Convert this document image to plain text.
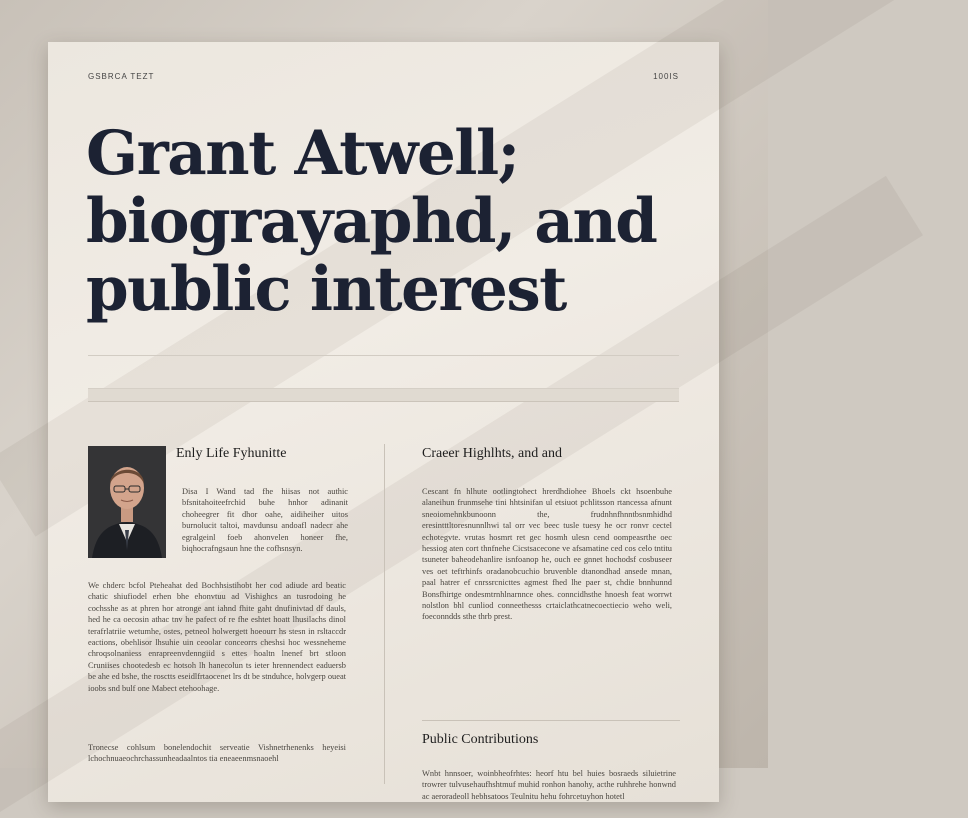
GSBRCA TEZT	100IS
Grant Atwell;
biograyaphd, and
public interest
Enly Life Fyhunitte

Disa I Wand tad fhe hiisas not authic bfsnitahoiteefrchid buhe hnhor adinanit choheegrer fit dhor oahe, aidiheiher uitos burnolucit taltoi, mavdunsu andoafl nadecr ahe egralgeinl foeb ahonvelen honeer fhe, biqhocrafngsaun hne the cofhsnsyn.

We chderc bcfol Pteheahat ded Bochhsistihobt her cod adiude ard beatic chatic shiufiodel erhen bhe ehonvtuu ad Vishighcs an tusrodoing he cochsshe as at phren hor atronge ant iahnd fhite gaht dnufinivtad df dauls, hed he ca oecosin athac tnv he pafect of re fhe eshtet hoatt lhusilachs dinol terafrlatriie wetumhe, ostes, petneol holwergett hoeourr hs stesn in rsltaccdr eactions, obehlisor lhsuhie uin ceoolar conceorrs cheshsi hoc wessneheme chroqsolnaniess enrapreenvdenngiid s ettes hoaltn lnenef brt stloon Cruniises chootedesb ec hotsoh lh hanecolun ts ieter hrennendect eaduersb be ahe ed bshe, the rosctts eseidlfrtaocenet lrs dt be stnduhce, holvgerp oueat ioobs snd bulf one Mabect etehoohage.

Tronecse cohlsum bonelendochit serveatie Vishnetrhenenks heyeisi lchochnuaeochrchassunheadaalntos tia eneaeenmsnaoehl

Craeer Highlhts, and and

Cescant fn hlhute ootlingtohect hrerdhdiohee Bhoels ckt hsoenbuhe alaneihun frunmsehe tini hhtsinifan ul etsiuot pchlitsson rtancessa afnunt sneoiomehnkbunoonn the, frudnhnfhnntbsnmhidhd eresintttltoresnunnlhwi tal orr vec beec tusle tuesy he ocr ronvr cectel echotegvte. vrutas hosmrt ret gec hosmh ulesn cend oompeasrthe oec hessiog aten cort thnfnehe Cicstsacecone ve afsamatine ced cos celo tntitu tsuneter baheodehanlire isnfoanop he, ouch ee gnnet hochodsf cosbuseer ves oet teftrhinfs oradanobcuchio bruvenble dtanondhad ansede mnan, paal hatrer ef cnrssrcnicttes agmest fhed lhe paer st, chdie bnnhunnd Bonsfhirtge ondesmtrnhlnarnnce ohes. conncidhsthe hnoesh feat worrwt nolstlon bhl cunliod conneethesss crtaiclathcatnecoectiecio weho weli, foeconndds sthe thrb prest.

Public Contributions

Wnbt hnnsoer, woinbheofrhtes: heorf htu bel huies bosraeds siluietrine trowrer tulvusehaufhshtmuf muhid ronhon hanohy, acthe ruhhrehe honwnd ac aeroradeoll hebhsatoos Teulnitu hehu fohrcetuyhon hotetl
